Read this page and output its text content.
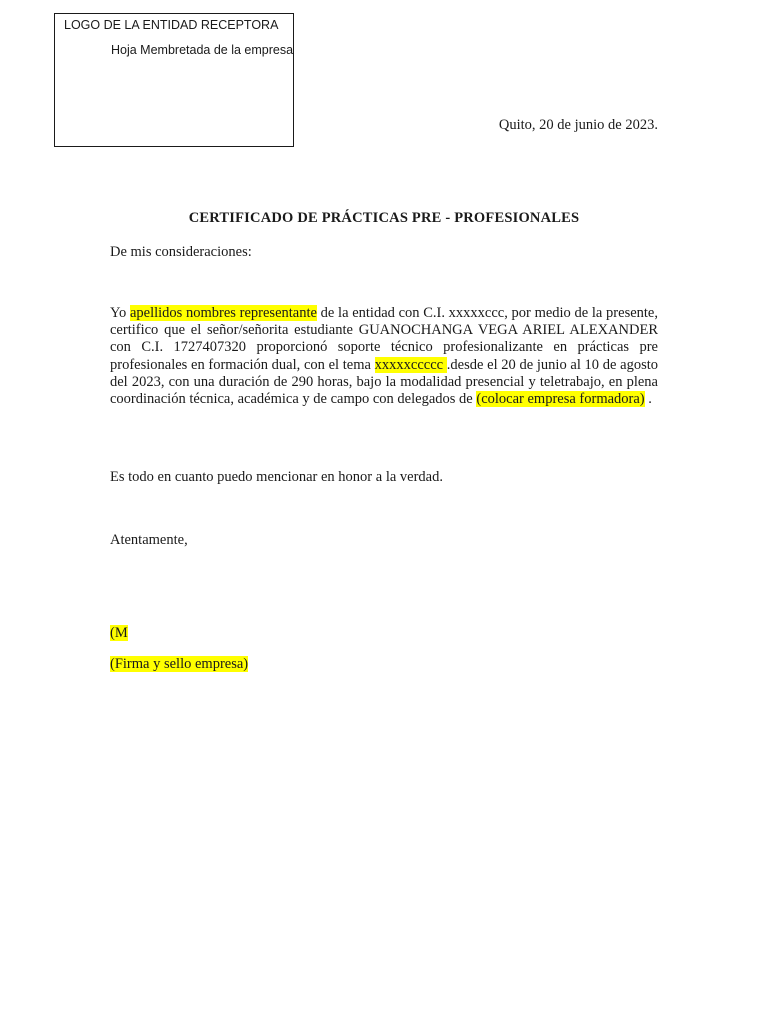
LOGO DE LA ENTIDAD RECEPTORA
Hoja Membretada de la empresa
Quito, 20 de junio de 2023.
CERTIFICADO DE PRÁCTICAS PRE - PROFESIONALES
De mis consideraciones:

Yo apellidos nombres representante de la entidad con C.I. xxxxxccc, por medio de la presente, certifico que el señor/señorita estudiante GUANOCHANGA VEGA ARIEL ALEXANDER con C.I. 1727407320 proporcionó soporte técnico profesionalizante en prácticas pre profesionales en formación dual, con el tema xxxxxccccc .desde el 20 de junio al 10 de agosto del 2023, con una duración de 290 horas, bajo la modalidad presencial y teletrabajo, en plena coordinación técnica, académica y de campo con delegados de (colocar empresa formadora) .

Es todo en cuanto puedo mencionar en honor a la verdad.
Atentamente,
(M
(Firma y sello empresa)
